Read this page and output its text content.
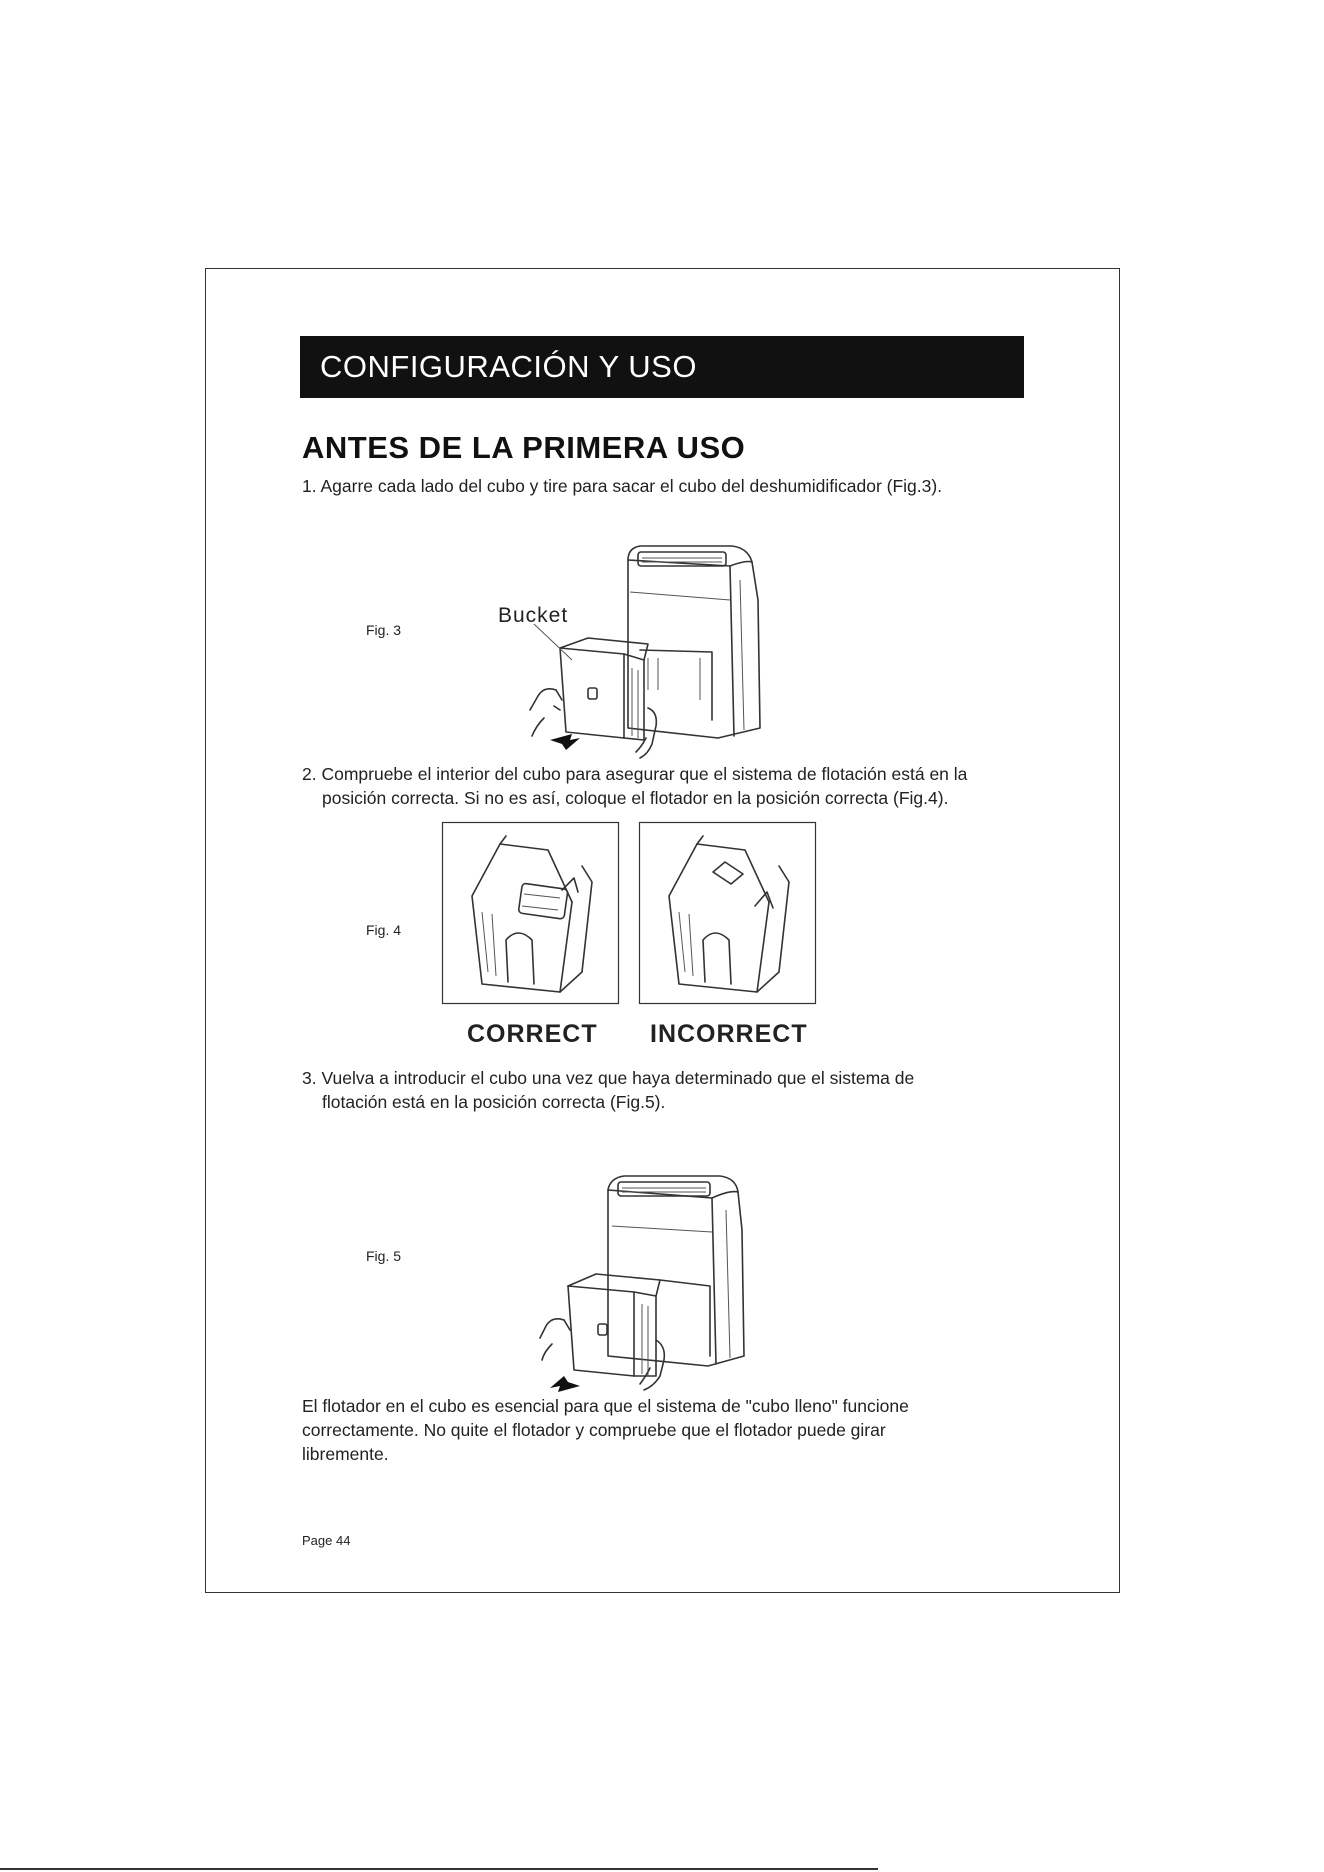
CONFIGURACIÓN Y USO
ANTES DE LA PRIMERA USO
1. Agarre cada lado del cubo y tire para sacar el cubo del deshumidificador (Fig.3).
Fig. 3
Bucket
2. Compruebe el interior del cubo para asegurar que el sistema de flotación está en la
posición correcta. Si no es así, coloque el flotador en la posición correcta (Fig.4).
Fig. 4
CORRECT INCORRECT
3. Vuelva a introducir el cubo una vez que haya determinado que el sistema de
flotación está en la posición correcta (Fig.5).
Fig. 5
El flotador en el cubo es esencial para que el sistema de "cubo lleno" funcione
correctamente. No quite el flotador y compruebe que el flotador puede girar
libremente.
Page 44
